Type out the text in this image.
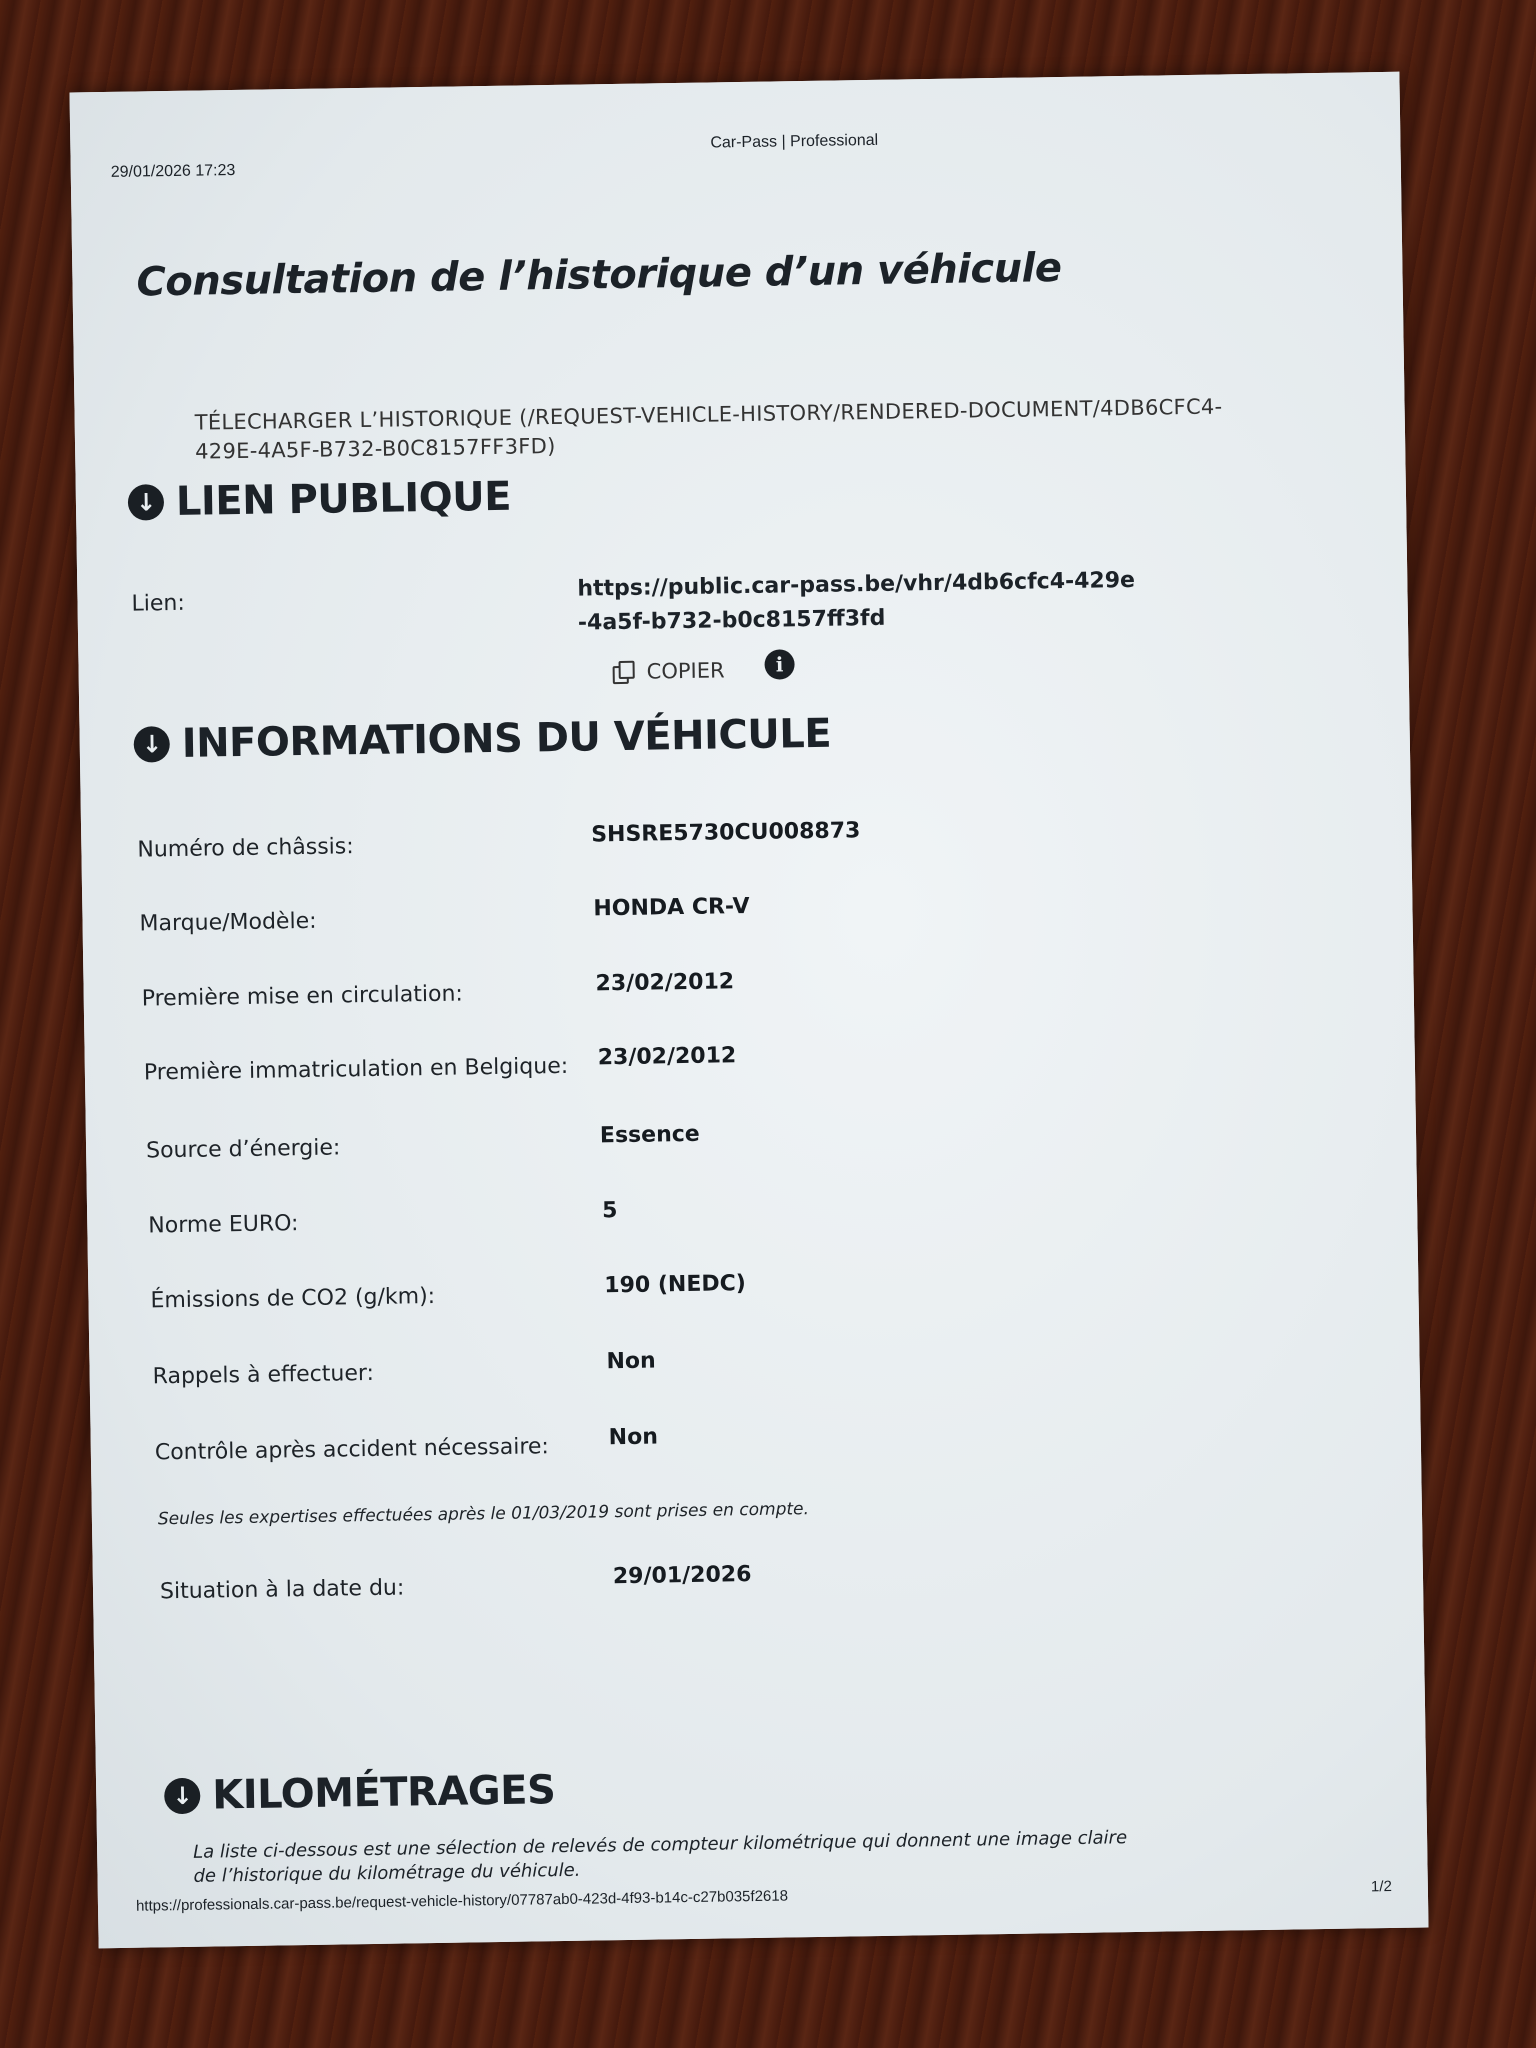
29/01/2026 17:23
Car-Pass | Professional
Consultation de l’historique d’un véhicule
TÉLECHARGER L’HISTORIQUE (/REQUEST-VEHICLE-HISTORY/RENDERED-DOCUMENT/4DB6CFC4-429E-4A5F-B732-B0C8157FF3FD)
↓ LIEN PUBLIQUE
Lien:
https://public.car-pass.be/vhr/4db6cfc4-429e-4a5f-b732-b0c8157ff3fd
COPIER	i
↓ INFORMATIONS DU VÉHICULE
Numéro de châssis:
SHSRE5730CU008873
Marque/Modèle:
HONDA CR-V
Première mise en circulation:	23/02/2012
Première immatriculation en Belgique: 23/02/2012
Source d’énergie:
Essence
Norme EURO:
5
Émissions de CO2 (g/km):	190 (NEDC)
Rappels à effectuer:	Non
Contrôle après accident nécessaire:	Non
Seules les expertises effectuées après le 01/03/2019 sont prises en compte.
Situation à la date du:	29/01/2026
↓ KILOMÉTRAGES
La liste ci-dessous est une sélection de relevés de compteur kilométrique qui donnent une image claire de l’historique du kilométrage du véhicule.
https://professionals.car-pass.be/request-vehicle-history/07787ab0-423d-4f93-b14c-c27b035f2618
1/2
